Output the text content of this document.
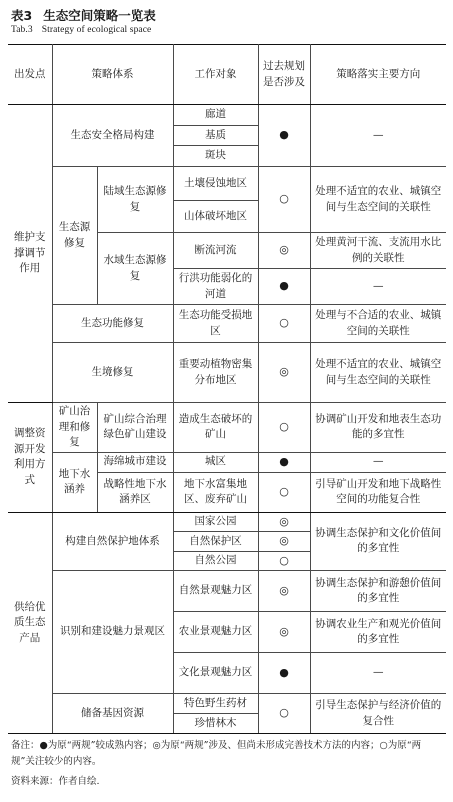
表3 生态空间策略一览表
Tab.3 Strategy of ecological space
出发点	策略体系		工作对象	过去规划是否涉及	策略落实主要方向
维护支撑调节作用	生态安全格局构建		廊道	●	—
			基质		
			斑块		
	生态源修复	陆域生态源修复	土壤侵蚀地区	○	处理不适宜的农业、城镇空间与生态空间的关联性
			山体破坏地区		
		水域生态源修复	断流河流	◎	处理黄河干流、支流用水比例的关联性
			行洪功能弱化的河道	●	—
	生态功能修复		生态功能受损地区	○	处理与不合适的农业、城镇空间的关联性
	生境修复		重要动植物密集分布地区	◎	处理不适宜的农业、城镇空间与生态空间的关联性

调整资源开发利用方式	矿山治理和修复	矿山综合治理绿色矿山建设	造成生态破坏的矿山	○	协调矿山开发和地表生态功能的多宜性
	地下水涵养	海绵城市建设	城区	●	—
		战略性地下水涵养区	地下水富集地区、废弃矿山	○	引导矿山开发和地下战略性空间的功能复合性
供给优质生态产品	构建自然保护地体系		国家公园	◎	协调生态保护和文化价值间的多宜性
			自然保护区	◎	
			自然公园	○	
	识别和建设魅力景观区		自然景观魅力区	◎	协调生态保护和游憩价值间的多宜性
			农业景观魅力区	◎	协调农业生产和观光价值间的多宜性
			文化景观魅力区	●	—
	储备基因资源		特色野生药材	○	引导生态保护与经济价值的复合性
			珍惜林木		
备注：●为原“两规”较成熟内容；◎为原“两规”涉及、但尚未形成完善技术方法的内容；○为原“两规”关注较少的内容。
资料来源：作者自绘.
